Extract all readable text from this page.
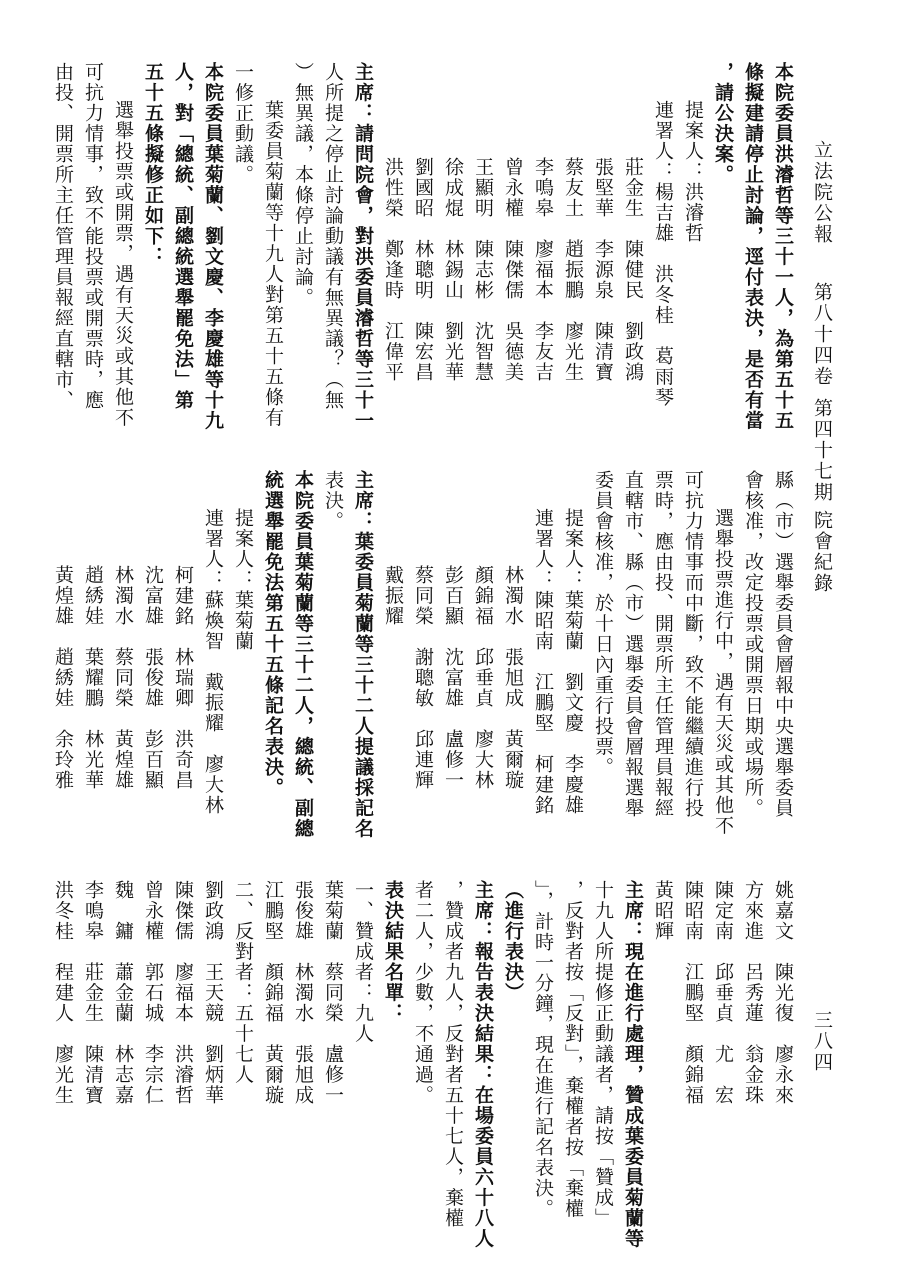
立法院公報
第八十四卷
第四十七期
院會紀錄
三八四
本院委員洪濬哲等三十一人，為第五十五
條擬建請停止討論，逕付表決，是否有當
，請公決案。
提案人：洪濬哲
連署人：楊吉雄　洪冬桂　葛雨琴
莊金生　陳健民　劉政鴻
張堅華　李源泉　陳清寶
蔡友土　趙振鵬　廖光生
李鳴皋　廖福本　李友吉
曾永權　陳傑儒　吳德美
王顯明　陳志彬　沈智慧
徐成焜　林錫山　劉光華
劉國昭　林聰明　陳宏昌
洪性榮　鄭逢時　江偉平
主席：請問院會，對洪委員濬哲等三十一
人所提之停止討論動議有無異議？（無
）無異議，本條停止討論。
葉委員菊蘭等十九人對第五十五條有
一修正動議。
本院委員葉菊蘭、劉文慶、李慶雄等十九
人，對「總統、副總統選舉罷免法」第
五十五條擬修正如下：
選舉投票或開票，遇有天災或其他不
可抗力情事，致不能投票或開票時，應
由投、開票所主任管理員報經直轄市、
縣（市）選舉委員會層報中央選舉委員
會核准，改定投票或開票日期或場所。
選舉投票進行中，遇有天災或其他不
可抗力情事而中斷，致不能繼續進行投
票時，應由投、開票所主任管理員報經
直轄市、縣（市）選舉委員會層報選舉
委員會核准，於十日內重行投票。
提案人：葉菊蘭　劉文慶　李慶雄
連署人：陳昭南　江鵬堅　柯建銘
林濁水　張旭成　黃爾璇
顏錦福　邱垂貞　廖大林
彭百顯　沈富雄　盧修一
蔡同榮　謝聰敏　邱連輝
戴振耀
主席：葉委員菊蘭等三十二人提議採記名
表決。
本院委員葉菊蘭等三十二人，總統、副總
統選舉罷免法第五十五條記名表決。
提案人：葉菊蘭
連署人：蘇煥智　戴振耀　廖大林
柯建銘　林瑞卿　洪奇昌
沈富雄　張俊雄　彭百顯
林濁水　蔡同榮　黃煌雄
趙綉娃　葉耀鵬　林光華
黃煌雄　趙綉娃　余玲雅
姚嘉文　陳光復　廖永來
方來進　呂秀蓮　翁金珠
陳定南　邱垂貞　尤　宏
陳昭南　江鵬堅　顏錦福
黃昭輝
主席：現在進行處理，贊成葉委員菊蘭等
十九人所提修正動議者，請按「贊成」
，反對者按「反對」，棄權者按「棄權
」，計時一分鐘，現在進行記名表決。
（進行表決）
主席：報告表決結果：在場委員六十八人
，贊成者九人，反對者五十七人，棄權
者二人，少數，不通過。
表決結果名單：
一、贊成者：九人
葉菊蘭　蔡同榮　盧修一
張俊雄　林濁水　張旭成
江鵬堅　顏錦福　黃爾璇
二、反對者：五十七人
劉政鴻　王天競　劉炳華
陳傑儒　廖福本　洪濬哲
曾永權　郭石城　李宗仁
魏　鏞　蕭金蘭　林志嘉
李鳴皋　莊金生　陳清寶
洪冬桂　程建人　廖光生
